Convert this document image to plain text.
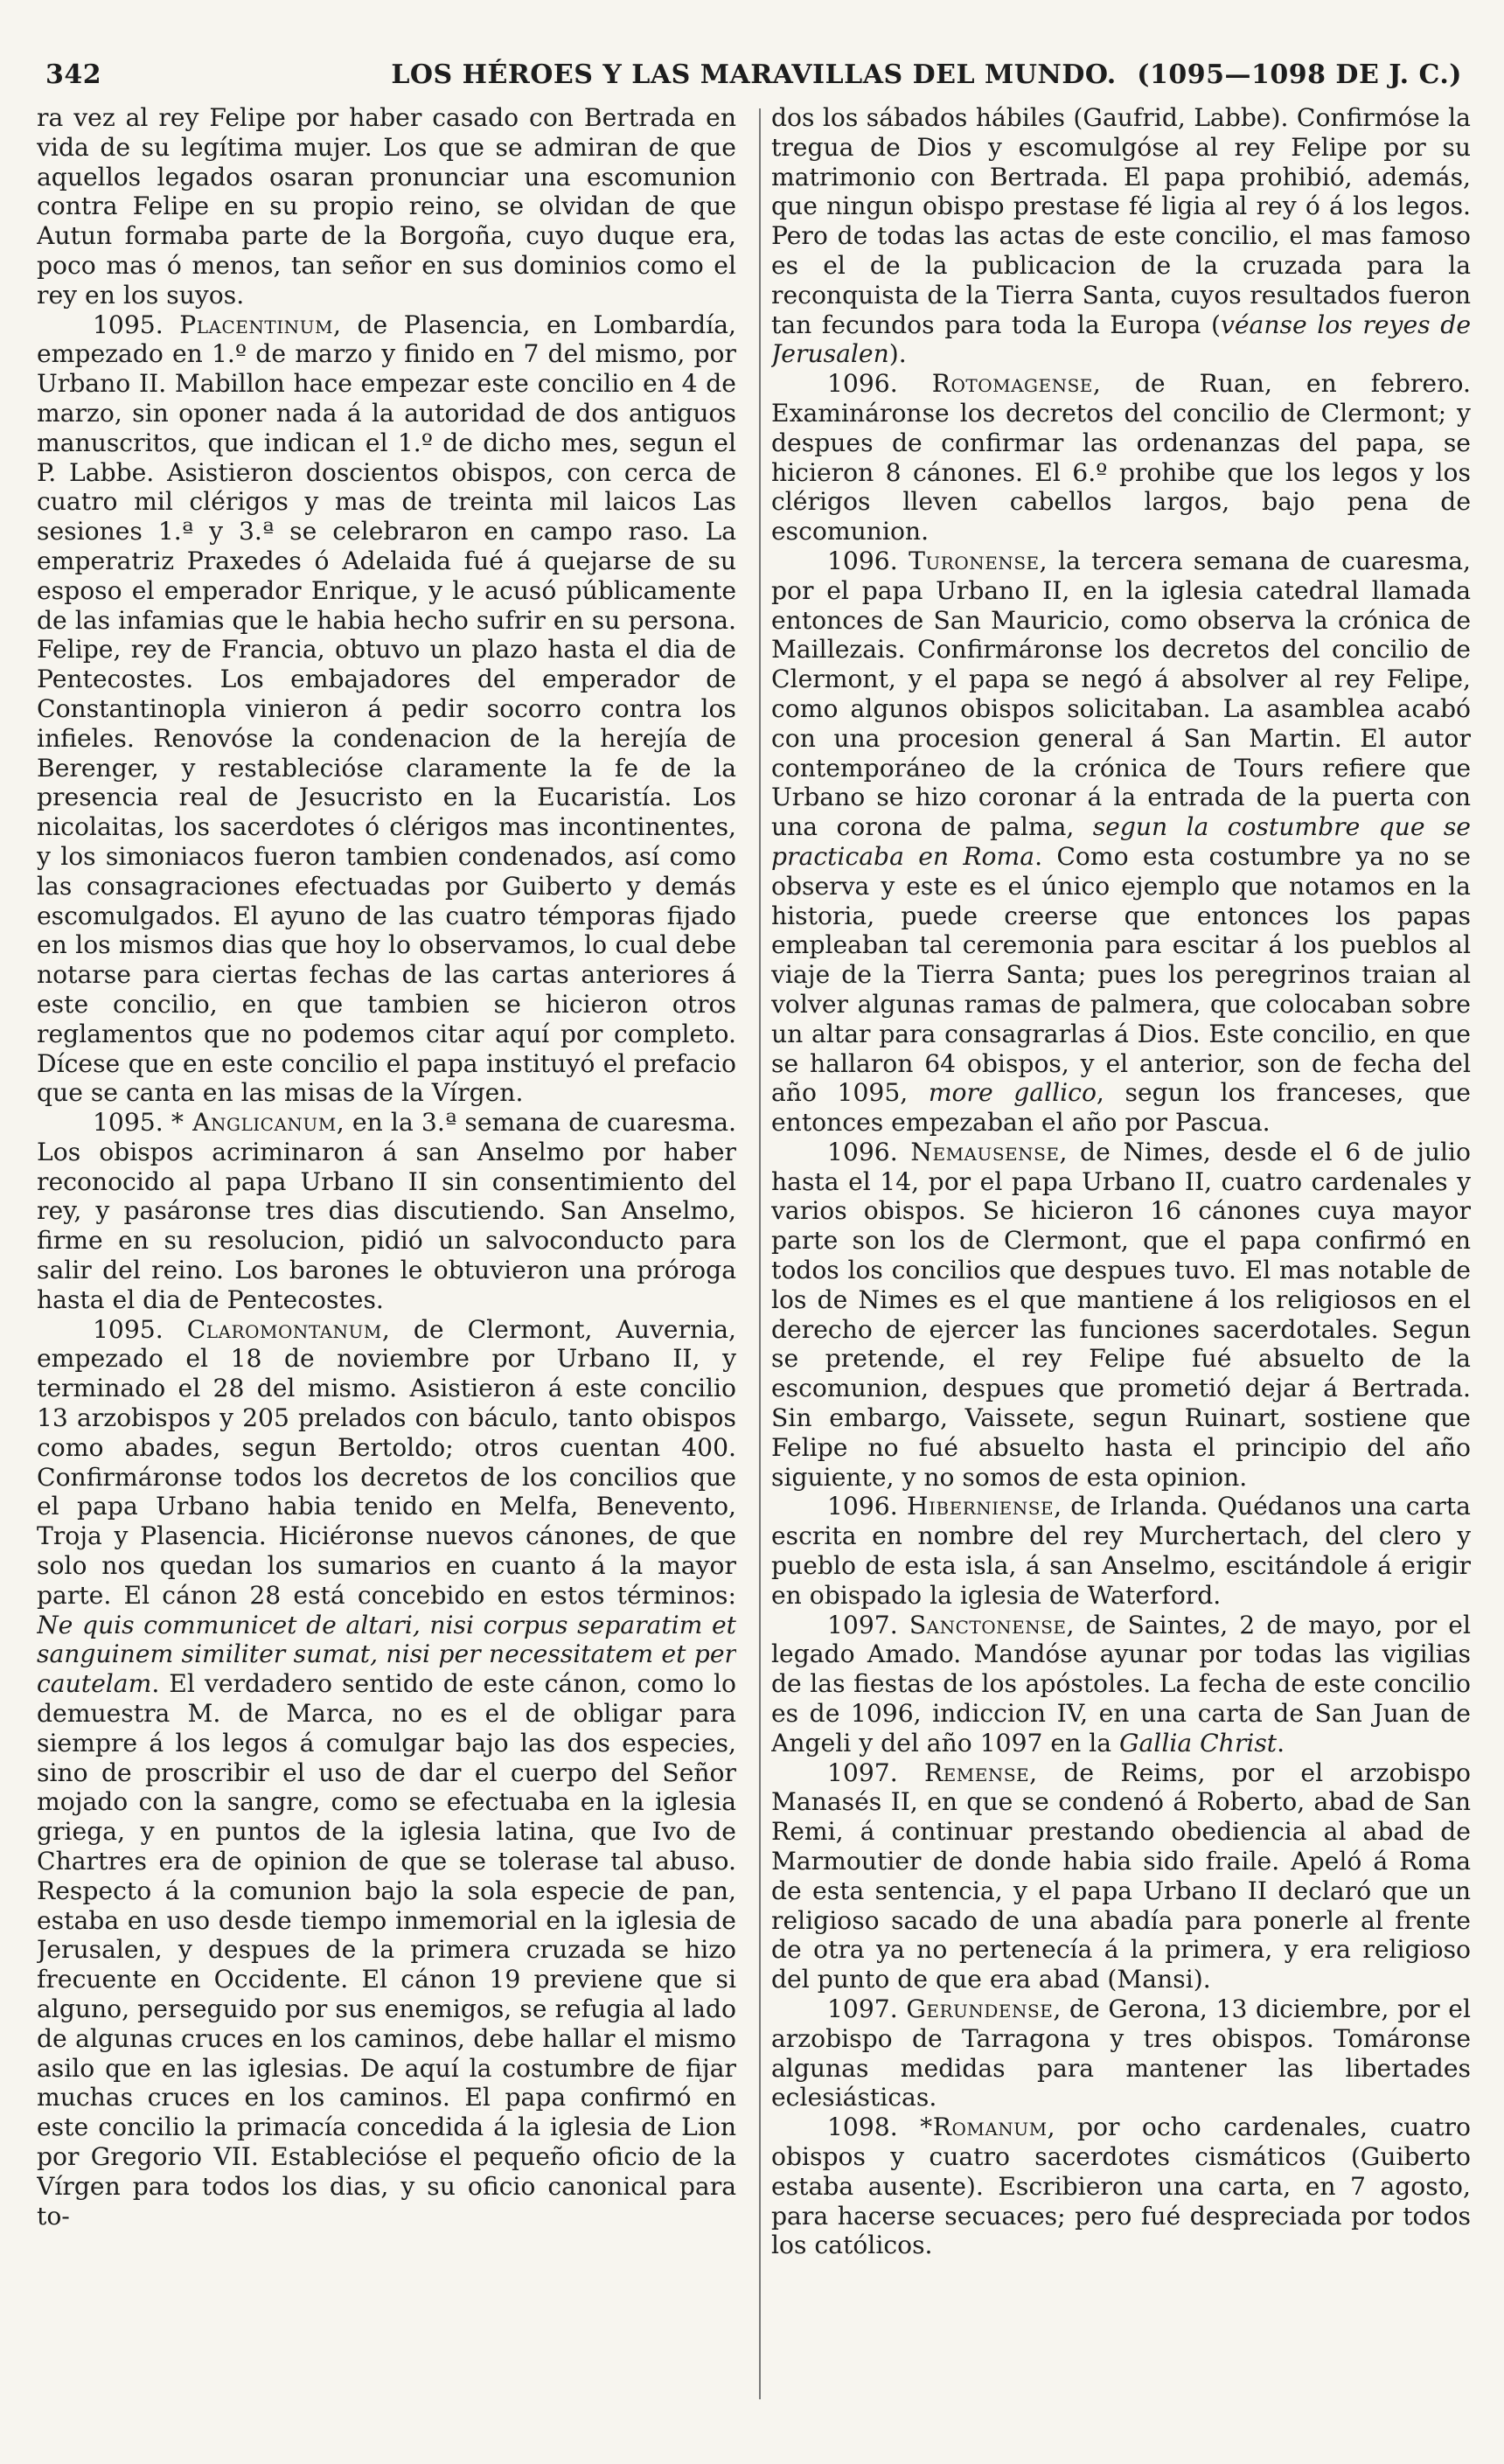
342	LOS HÉROES Y LAS MARAVILLAS DEL MUNDO. (1095—1098 DE J. C.)

ra vez al rey Felipe por haber casado con Bertrada en vida de su legítima mujer. Los que se admiran de que aquellos legados osaran pronunciar una escomunion contra Felipe en su propio reino, se olvidan de que Autun formaba parte de la Borgoña, cuyo duque era, poco mas ó menos, tan señor en sus dominios como el rey en los suyos.

1095. Placentinum, de Plasencia, en Lombardía, empezado en 1.º de marzo y finido en 7 del mismo, por Urbano II. Mabillon hace empezar este concilio en 4 de marzo, sin oponer nada á la autoridad de dos antiguos manuscritos, que indican el 1.º de dicho mes, segun el P. Labbe. Asistieron doscientos obispos, con cerca de cuatro mil clérigos y mas de treinta mil laicos Las sesiones 1.ª y 3.ª se celebraron en campo raso. La emperatriz Praxedes ó Adelaida fué á quejarse de su esposo el emperador Enrique, y le acusó públicamente de las infamias que le habia hecho sufrir en su persona. Felipe, rey de Francia, obtuvo un plazo hasta el dia de Pentecostes. Los embajadores del emperador de Constantinopla vinieron á pedir socorro contra los infieles. Renovóse la condenacion de la herejía de Berenger, y restablecióse claramente la fe de la presencia real de Jesucristo en la Eucaristía. Los nicolaitas, los sacerdotes ó clérigos mas incontinentes, y los simoniacos fueron tambien condenados, así como las consagraciones efectuadas por Guiberto y demás escomulgados. El ayuno de las cuatro témporas fijado en los mismos dias que hoy lo observamos, lo cual debe notarse para ciertas fechas de las cartas anteriores á este concilio, en que tambien se hicieron otros reglamentos que no podemos citar aquí por completo. Dícese que en este concilio el papa instituyó el prefacio que se canta en las misas de la Vírgen.

1095. * Anglicanum, en la 3.ª semana de cuaresma. Los obispos acriminaron á san Anselmo por haber reconocido al papa Urbano II sin consentimiento del rey, y pasáronse tres dias discutiendo. San Anselmo, firme en su resolucion, pidió un salvoconducto para salir del reino. Los barones le obtuvieron una próroga hasta el dia de Pentecostes.

1095. Claromontanum, de Clermont, Auvernia, empezado el 18 de noviembre por Urbano II, y terminado el 28 del mismo. Asistieron á este concilio 13 arzobispos y 205 prelados con báculo, tanto obispos como abades, segun Bertoldo; otros cuentan 400. Confirmáronse todos los decretos de los concilios que el papa Urbano habia tenido en Melfa, Benevento, Troja y Plasencia. Hiciéronse nuevos cánones, de que solo nos quedan los sumarios en cuanto á la mayor parte. El cánon 28 está concebido en estos términos: Ne quis communicet de altari, nisi corpus separatim et sanguinem similiter sumat, nisi per necessitatem et per cautelam. El verdadero sentido de este cánon, como lo demuestra M. de Marca, no es el de obligar para siempre á los legos á comulgar bajo las dos especies, sino de proscribir el uso de dar el cuerpo del Señor mojado con la sangre, como se efectuaba en la iglesia griega, y en puntos de la iglesia latina, que Ivo de Chartres era de opinion de que se tolerase tal abuso. Respecto á la comunion bajo la sola especie de pan, estaba en uso desde tiempo inmemorial en la iglesia de Jerusalen, y despues de la primera cruzada se hizo frecuente en Occidente. El cánon 19 previene que si alguno, perseguido por sus enemigos, se refugia al lado de algunas cruces en los caminos, debe hallar el mismo asilo que en las iglesias. De aquí la costumbre de fijar muchas cruces en los caminos. El papa confirmó en este concilio la primacía concedida á la iglesia de Lion por Gregorio VII. Establecióse el pequeño oficio de la Vírgen para todos los dias, y su oficio canonical para to-

dos los sábados hábiles (Gaufrid, Labbe). Confirmóse la tregua de Dios y escomulgóse al rey Felipe por su matrimonio con Bertrada. El papa prohibió, además, que ningun obispo prestase fé ligia al rey ó á los legos. Pero de todas las actas de este concilio, el mas famoso es el de la publicacion de la cruzada para la reconquista de la Tierra Santa, cuyos resultados fueron tan fecundos para toda la Europa (véanse los reyes de Jerusalen).

1096. Rotomagense, de Ruan, en febrero. Examináronse los decretos del concilio de Clermont; y despues de confirmar las ordenanzas del papa, se hicieron 8 cánones. El 6.º prohibe que los legos y los clérigos lleven cabellos largos, bajo pena de escomunion.

1096. Turonense, la tercera semana de cuaresma, por el papa Urbano II, en la iglesia catedral llamada entonces de San Mauricio, como observa la crónica de Maillezais. Confirmáronse los decretos del concilio de Clermont, y el papa se negó á absolver al rey Felipe, como algunos obispos solicitaban. La asamblea acabó con una procesion general á San Martin. El autor contemporáneo de la crónica de Tours refiere que Urbano se hizo coronar á la entrada de la puerta con una corona de palma, segun la costumbre que se practicaba en Roma. Como esta costumbre ya no se observa y este es el único ejemplo que notamos en la historia, puede creerse que entonces los papas empleaban tal ceremonia para escitar á los pueblos al viaje de la Tierra Santa; pues los peregrinos traian al volver algunas ramas de palmera, que colocaban sobre un altar para consagrarlas á Dios. Este concilio, en que se hallaron 64 obispos, y el anterior, son de fecha del año 1095, more gallico, segun los franceses, que entonces empezaban el año por Pascua.

1096. Nemausense, de Nimes, desde el 6 de julio hasta el 14, por el papa Urbano II, cuatro cardenales y varios obispos. Se hicieron 16 cánones cuya mayor parte son los de Clermont, que el papa confirmó en todos los concilios que despues tuvo. El mas notable de los de Nimes es el que mantiene á los religiosos en el derecho de ejercer las funciones sacerdotales. Segun se pretende, el rey Felipe fué absuelto de la escomunion, despues que prometió dejar á Bertrada. Sin embargo, Vaissete, segun Ruinart, sostiene que Felipe no fué absuelto hasta el principio del año siguiente, y no somos de esta opinion.

1096. Hiberniense, de Irlanda. Quédanos una carta escrita en nombre del rey Murchertach, del clero y pueblo de esta isla, á san Anselmo, escitándole á erigir en obispado la iglesia de Waterford.

1097. Sanctonense, de Saintes, 2 de mayo, por el legado Amado. Mandóse ayunar por todas las vigilias de las fiestas de los apóstoles. La fecha de este concilio es de 1096, indiccion IV, en una carta de San Juan de Angeli y del año 1097 en la Gallia Christ.

1097. Remense, de Reims, por el arzobispo Manasés II, en que se condenó á Roberto, abad de San Remi, á continuar prestando obediencia al abad de Marmoutier de donde habia sido fraile. Apeló á Roma de esta sentencia, y el papa Urbano II declaró que un religioso sacado de una abadía para ponerle al frente de otra ya no pertenecía á la primera, y era religioso del punto de que era abad (Mansi).

1097. Gerundense, de Gerona, 13 diciembre, por el arzobispo de Tarragona y tres obispos. Tomáronse algunas medidas para mantener las libertades eclesiásticas.

1098. *Romanum, por ocho cardenales, cuatro obispos y cuatro sacerdotes cismáticos (Guiberto estaba ausente). Escribieron una carta, en 7 agosto, para hacerse secuaces; pero fué despreciada por todos los católicos.
